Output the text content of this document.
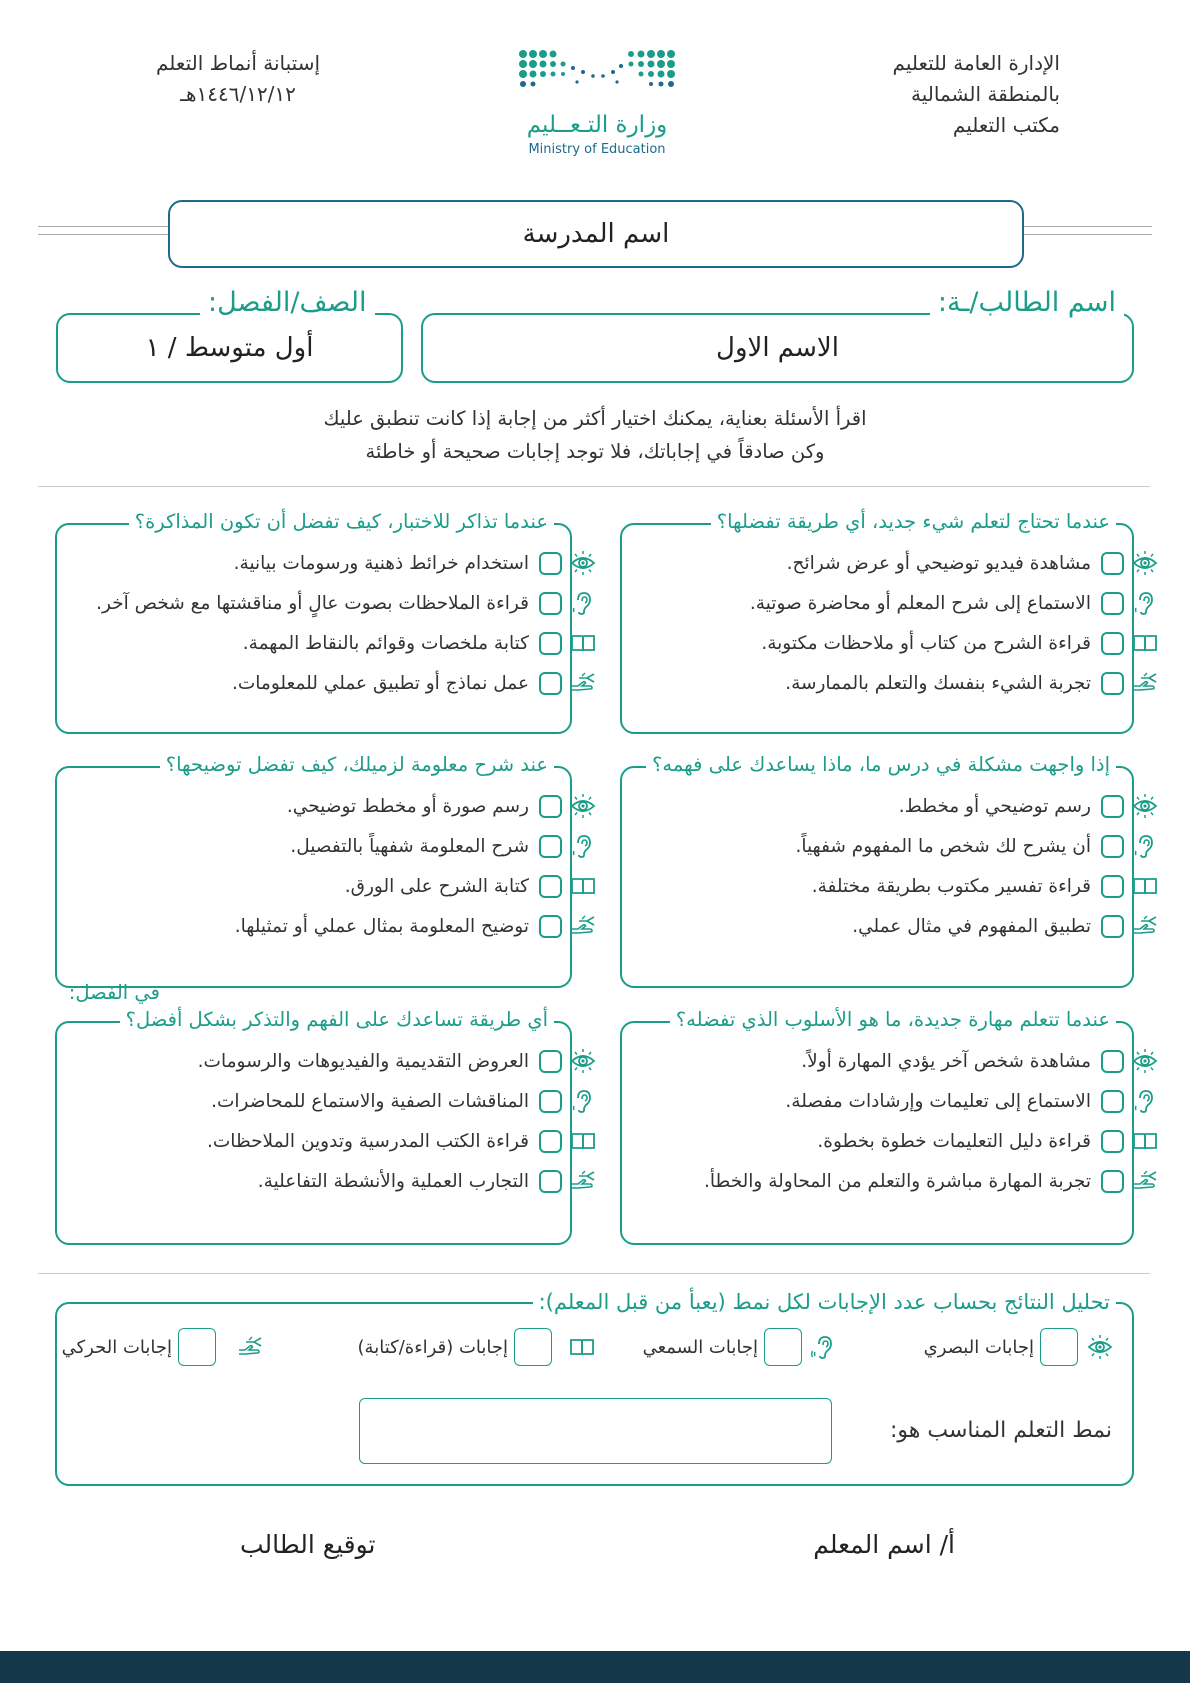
الإدارة العامة للتعليم
بالمنطقة الشمالية
مكتب التعليم
وزارة التـعــليم
Ministry of Education
إستبانة أنماط التعلم
١٤٤٦/١٢/١٢هـ
اسم المدرسة
الاسم الاول
اسم الطالب/ـة:
أول متوسط / ١
الصف/الفصل:
اقرأ الأسئلة بعناية، يمكنك اختيار أكثر من إجابة إذا كانت تنطبق عليك
وكن صادقاً في إجاباتك، فلا توجد إجابات صحيحة أو خاطئة
عندما تحتاج لتعلم شيء جديد، أي طريقة تفضلها؟
مشاهدة فيديو توضيحي أو عرض شرائح.
الاستماع إلى شرح المعلم أو محاضرة صوتية.
قراءة الشرح من كتاب أو ملاحظات مكتوبة.
تجربة الشيء بنفسك والتعلم بالممارسة.
عندما تذاكر للاختبار، كيف تفضل أن تكون المذاكرة؟
استخدام خرائط ذهنية ورسومات بيانية.
قراءة الملاحظات بصوت عالٍ أو مناقشتها مع شخص آخر.
كتابة ملخصات وقوائم بالنقاط المهمة.
عمل نماذج أو تطبيق عملي للمعلومات.
إذا واجهت مشكلة في درس ما، ماذا يساعدك على فهمه؟
رسم توضيحي أو مخطط.
أن يشرح لك شخص ما المفهوم شفهياً.
قراءة تفسير مكتوب بطريقة مختلفة.
تطبيق المفهوم في مثال عملي.
عند شرح معلومة لزميلك، كيف تفضل توضيحها؟
رسم صورة أو مخطط توضيحي.
شرح المعلومة شفهياً بالتفصيل.
كتابة الشرح على الورق.
توضيح المعلومة بمثال عملي أو تمثيلها.
عندما تتعلم مهارة جديدة، ما هو الأسلوب الذي تفضله؟
مشاهدة شخص آخر يؤدي المهارة أولاً.
الاستماع إلى تعليمات وإرشادات مفصلة.
قراءة دليل التعليمات خطوة بخطوة.
تجربة المهارة مباشرة والتعلم من المحاولة والخطأ.
أي طريقة تساعدك على الفهم والتذكر بشكل أفضل؟
في الفصل:
العروض التقديمية والفيديوهات والرسومات.
المناقشات الصفية والاستماع للمحاضرات.
قراءة الكتب المدرسية وتدوين الملاحظات.
التجارب العملية والأنشطة التفاعلية.
تحليل النتائج بحساب عدد الإجابات لكل نمط (يعبأ من قبل المعلم):
إجابات البصري
إجابات السمعي
إجابات (قراءة/كتابة)
إجابات الحركي
نمط التعلم المناسب هو:
أ/ اسم المعلم
توقيع الطالب
